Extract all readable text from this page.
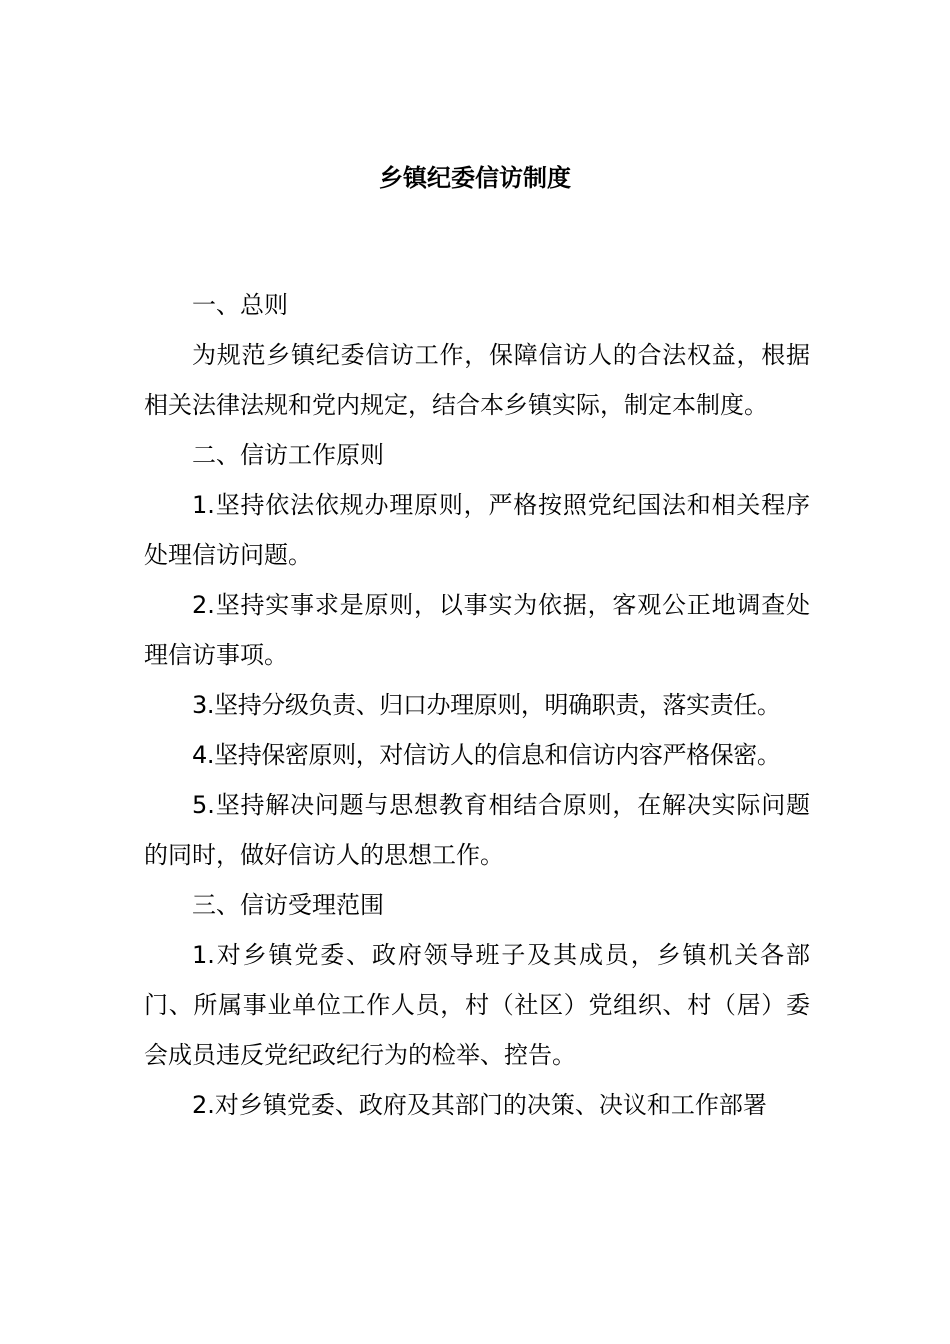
乡镇纪委信访制度

一、总则

为规范乡镇纪委信访工作，保障信访人的合法权益，根据相关法律法规和党内规定，结合本乡镇实际，制定本制度。

二、信访工作原则

1.坚持依法依规办理原则，严格按照党纪国法和相关程序处理信访问题。

2.坚持实事求是原则，以事实为依据，客观公正地调查处理信访事项。

3.坚持分级负责、归口办理原则，明确职责，落实责任。

4.坚持保密原则，对信访人的信息和信访内容严格保密。

5.坚持解决问题与思想教育相结合原则，在解决实际问题的同时，做好信访人的思想工作。

三、信访受理范围

1.对乡镇党委、政府领导班子及其成员，乡镇机关各部门、所属事业单位工作人员，村（社区）党组织、村（居）委会成员违反党纪政纪行为的检举、控告。

2.对乡镇党委、政府及其部门的决策、决议和工作部署
